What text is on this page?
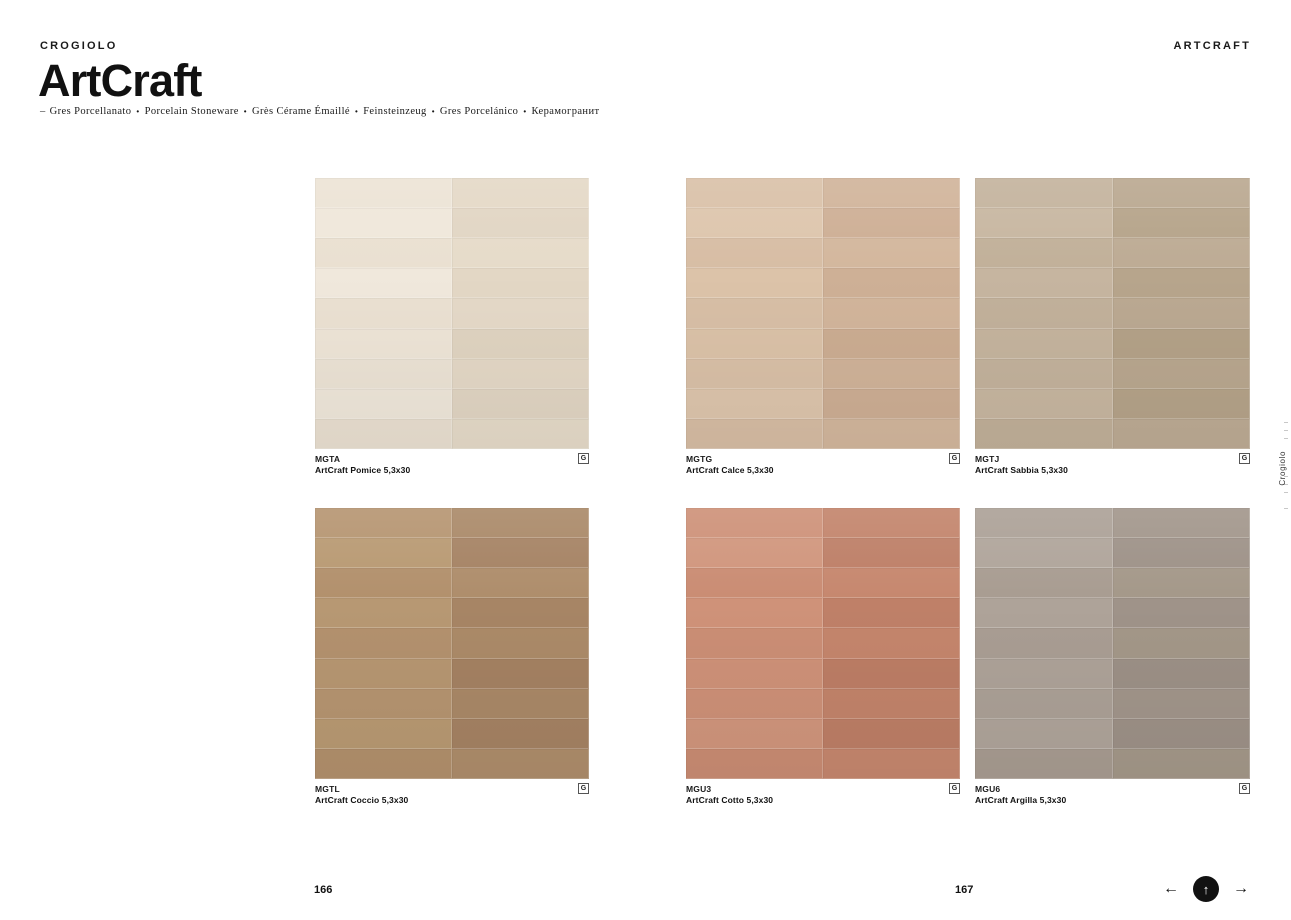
CROGIOLO	ARTCRAFT
ArtCraft
– Gres Porcellanato • Porcelain Stoneware • Grès Cérame Émaillé • Feinsteinzeug • Gres Porcelánico • Керамогранит
MGTA
ArtCraft Pomice 5,3x30
G	MGTG
ArtCraft Calce 5,3x30
G	MGTJ
ArtCraft Sabbia 5,3x30
G
MGTL
ArtCraft Coccio 5,3x30
G	MGU3
ArtCraft Cotto 5,3x30
G	MGU6
ArtCraft Argilla 5,3x30
G
Crogiolo
166	167	←	↑	→
